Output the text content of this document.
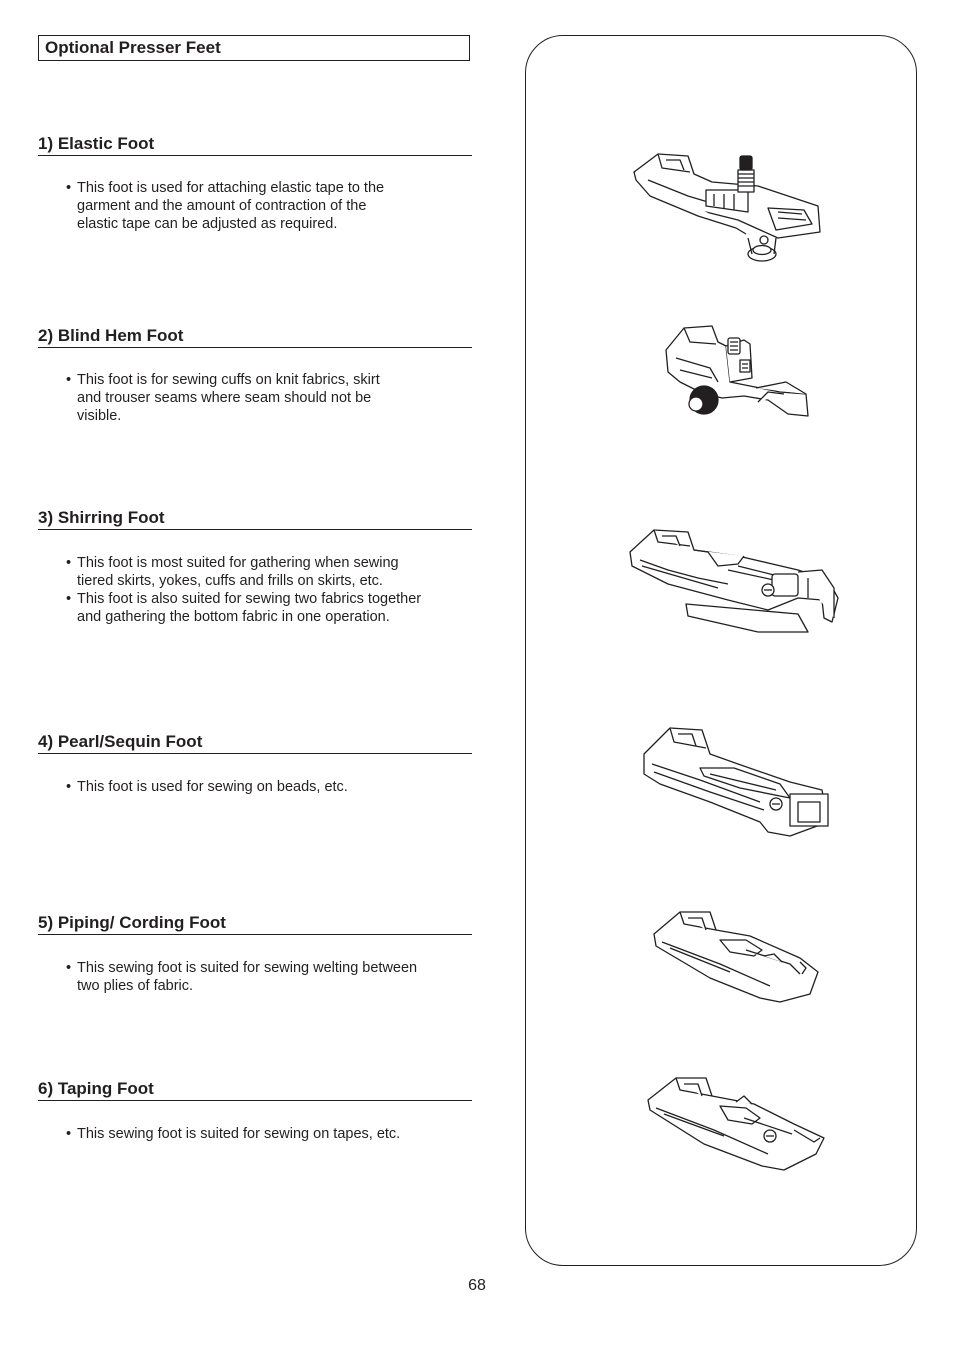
Optional Presser Feet
1) Elastic Foot
• This foot is used for attaching elastic tape to the
garment and the amount of contraction of the
elastic tape can be adjusted as required.
2) Blind Hem Foot
• This foot is for sewing cuffs on knit fabrics, skirt
and trouser seams where seam should not be
visible.
3) Shirring Foot
• This foot is most suited for gathering when sewing
tiered skirts, yokes, cuffs and frills on skirts, etc.
• This foot is also suited for sewing two fabrics together
and gathering the bottom fabric in one operation.
4) Pearl/Sequin Foot
• This foot is used for sewing on beads, etc.
5) Piping/ Cording Foot
• This sewing foot is suited for sewing welting between
two plies of fabric.
6) Taping Foot
• This sewing foot is suited for sewing on tapes, etc.
68
